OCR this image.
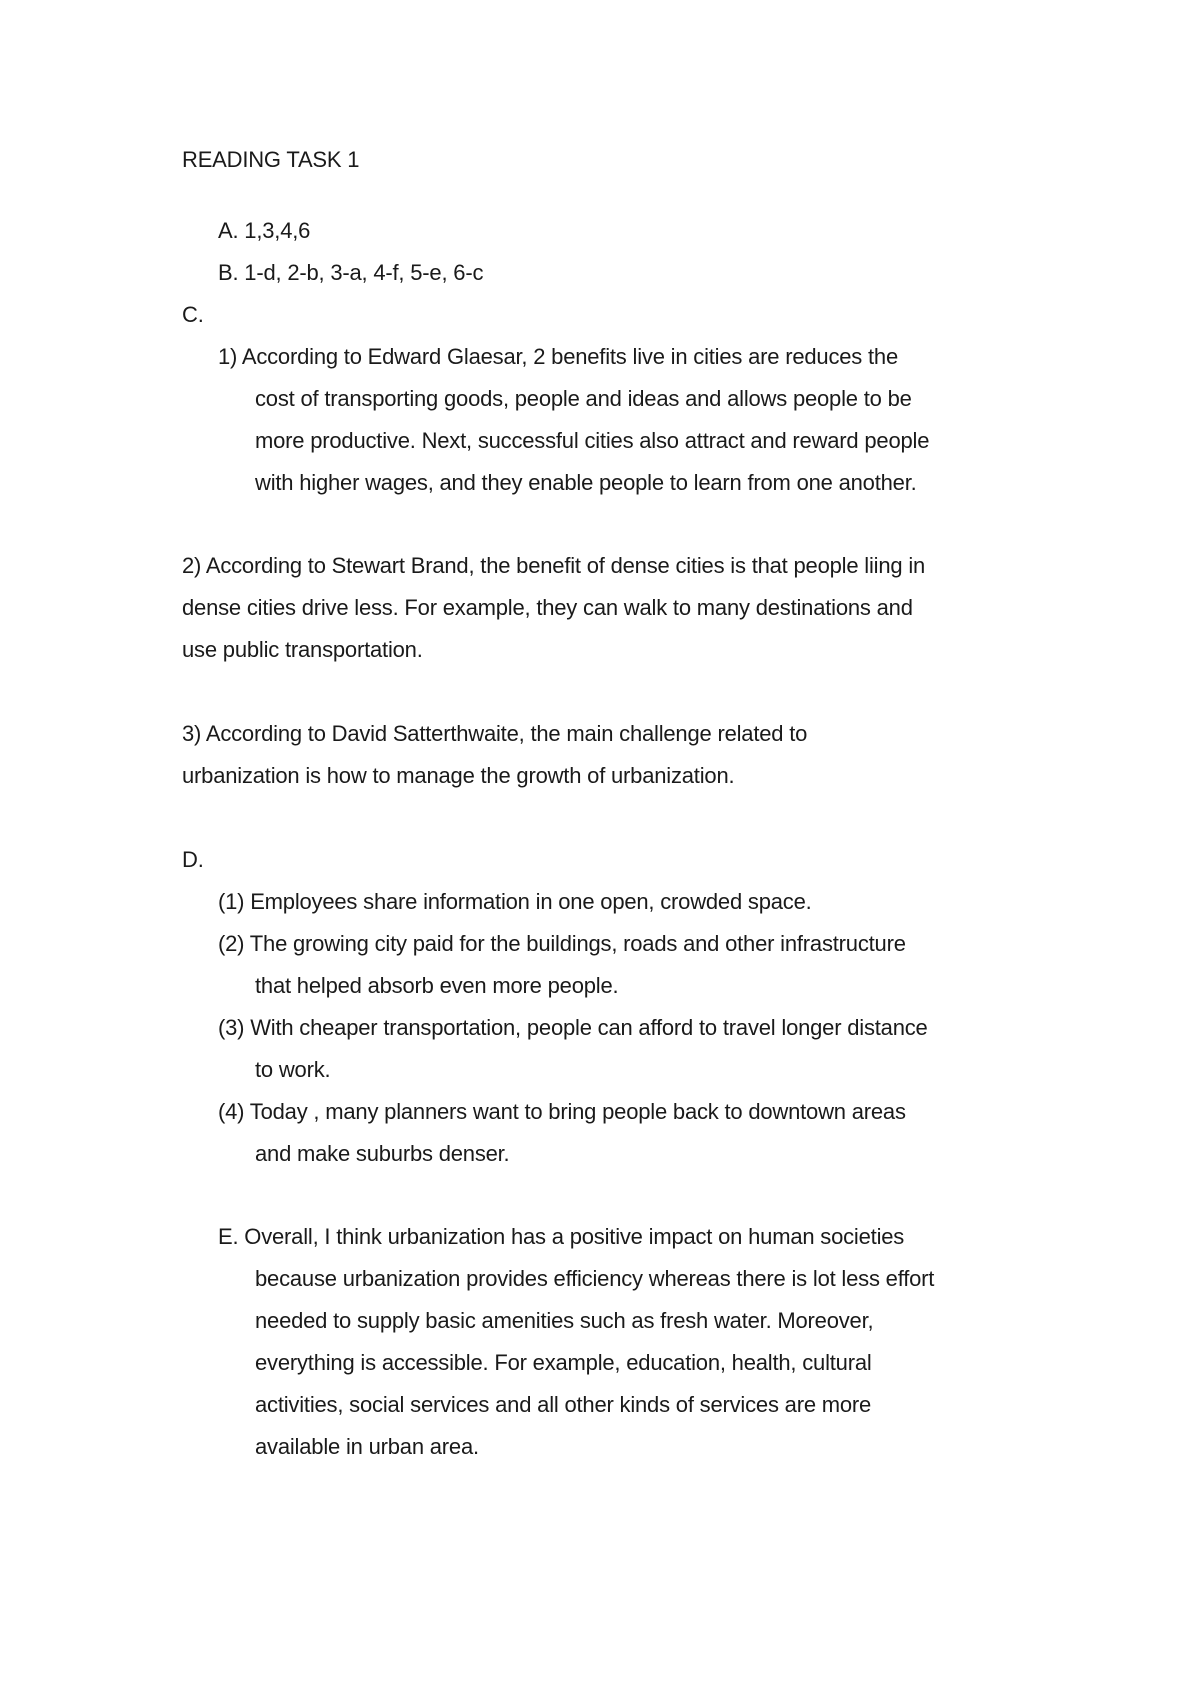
READING TASK 1
A. 1,3,4,6
B. 1-d, 2-b, 3-a, 4-f, 5-e, 6-c
C.
1) According to Edward Glaesar, 2 benefits live in cities are reduces the
cost of transporting goods, people and ideas and allows people to be
more productive. Next, successful cities also attract and reward people
with higher wages, and they enable people to learn from one another.
2) According to Stewart Brand, the benefit of dense cities is that people liing in
dense cities drive less. For example, they can walk to many destinations and
use public transportation.
3) According to David Satterthwaite, the main challenge related to
urbanization is how to manage the growth of urbanization.
D.
(1) Employees share information in one open, crowded space.
(2) The growing city paid for the buildings, roads and other infrastructure
that helped absorb even more people.
(3) With cheaper transportation, people can afford to travel longer distance
to work.
(4) Today , many planners want to bring people back to downtown areas
and make suburbs denser.
E. Overall, I think urbanization has a positive impact on human societies
because urbanization provides efficiency whereas there is lot less effort
needed to supply basic amenities such as fresh water. Moreover,
everything is accessible. For example, education, health, cultural
activities, social services and all other kinds of services are more
available in urban area.
